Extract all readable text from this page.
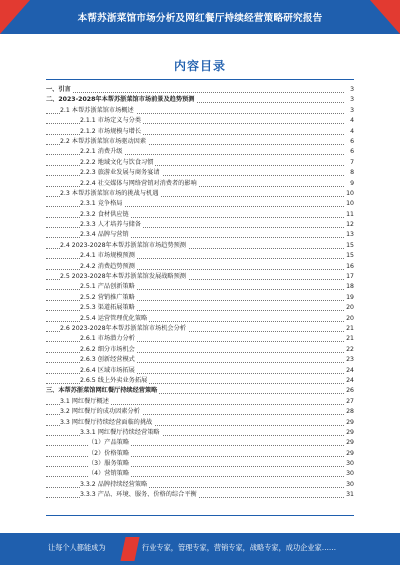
本帮苏浙菜馆市场分析及网红餐厅持续经营策略研究报告
内容目录
一、引言	3
二、2023-2028年本帮苏浙菜馆市场前景及趋势预测	3
2.1 本帮苏浙菜馆市场概述	3
2.1.1 市场定义与分类	4
2.1.2 市场规模与增长	4
2.2 本帮苏浙菜馆市场驱动因素	6
2.2.1 消费升级	6
2.2.2 地域文化与饮食习惯	7
2.2.3 旅游业发展与商务宴请	8
2.2.4 社交媒体与网络营销对消费者的影响	9
2.3 本帮苏浙菜馆市场的挑战与机遇	10
2.3.1 竞争格局	10
2.3.2 食材供应链	11
2.3.3 人才培养与储备	12
2.3.4 品牌与营销	13
2.4 2023-2028年本帮苏浙菜馆市场趋势预测	15
2.4.1 市场规模预测	15
2.4.2 消费趋势预测	16
2.5 2023-2028年本帮苏浙菜馆发展战略预测	17
2.5.1 产品创新策略	18
2.5.2 营销推广策略	19
2.5.3 渠道拓展策略	20
2.5.4 运营管理优化策略	20
2.6 2023-2028年本帮苏浙菜馆市场机会分析	21
2.6.1 市场潜力分析	21
2.6.2 细分市场机会	22
2.6.3 创新经营模式	23
2.6.4 区域市场拓展	24
2.6.5 线上外卖业务拓展	24
三、本帮苏浙菜馆网红餐厅持续经营策略	26
3.1 网红餐厅概述	27
3.2 网红餐厅的成功因素分析	28
3.3 网红餐厅持续经营面临的挑战	29
3.3.1 网红餐厅持续经营策略	29
（1）产品策略	29
（2）价格策略	29
（3）服务策略	30
（4）营销策略	30
3.3.2 品牌持续经营策略	30
3.3.3 产品、环境、服务、价格的综合平衡	31
让每个人都能成为	行业专家，管理专家，营销专家，战略专家，成功企业家……
